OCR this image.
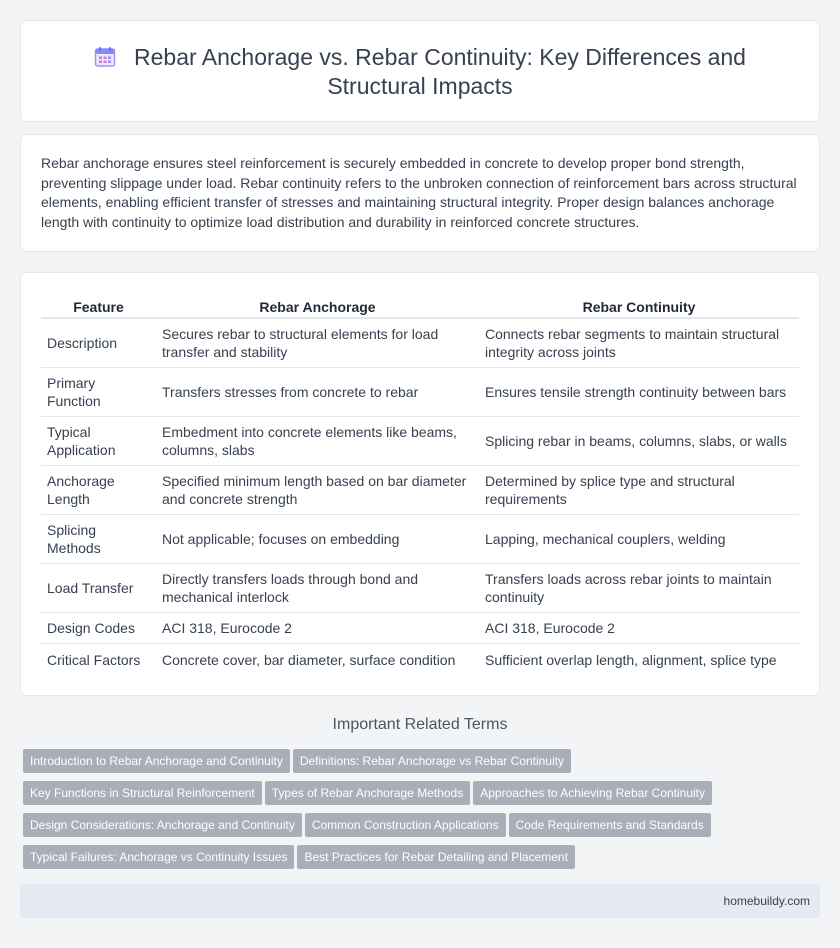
Rebar Anchorage vs. Rebar Continuity: Key Differences and Structural Impacts

Rebar anchorage ensures steel reinforcement is securely embedded in concrete to develop proper bond strength, preventing slippage under load. Rebar continuity refers to the unbroken connection of reinforcement bars across structural elements, enabling efficient transfer of stresses and maintaining structural integrity. Proper design balances anchorage length with continuity to optimize load distribution and durability in reinforced concrete structures.

Feature	Rebar Anchorage	Rebar Continuity
Description	Secures rebar to structural elements for load transfer and stability	Connects rebar segments to maintain structural integrity across joints
Primary Function	Transfers stresses from concrete to rebar	Ensures tensile strength continuity between bars
Typical Application	Embedment into concrete elements like beams, columns, slabs	Splicing rebar in beams, columns, slabs, or walls
Anchorage Length	Specified minimum length based on bar diameter and concrete strength	Determined by splice type and structural requirements
Splicing Methods	Not applicable; focuses on embedding	Lapping, mechanical couplers, welding
Load Transfer	Directly transfers loads through bond and mechanical interlock	Transfers loads across rebar joints to maintain continuity
Design Codes	ACI 318, Eurocode 2	ACI 318, Eurocode 2
Critical Factors	Concrete cover, bar diameter, surface condition	Sufficient overlap length, alignment, splice type
Important Related Terms
Introduction to Rebar Anchorage and Continuity Definitions: Rebar Anchorage vs Rebar Continuity
Key Functions in Structural Reinforcement Types of Rebar Anchorage Methods Approaches to Achieving Rebar Continuity
Design Considerations: Anchorage and Continuity Common Construction Applications Code Requirements and Standards
Typical Failures: Anchorage vs Continuity Issues Best Practices for Rebar Detailing and Placement
homebuildy.com
